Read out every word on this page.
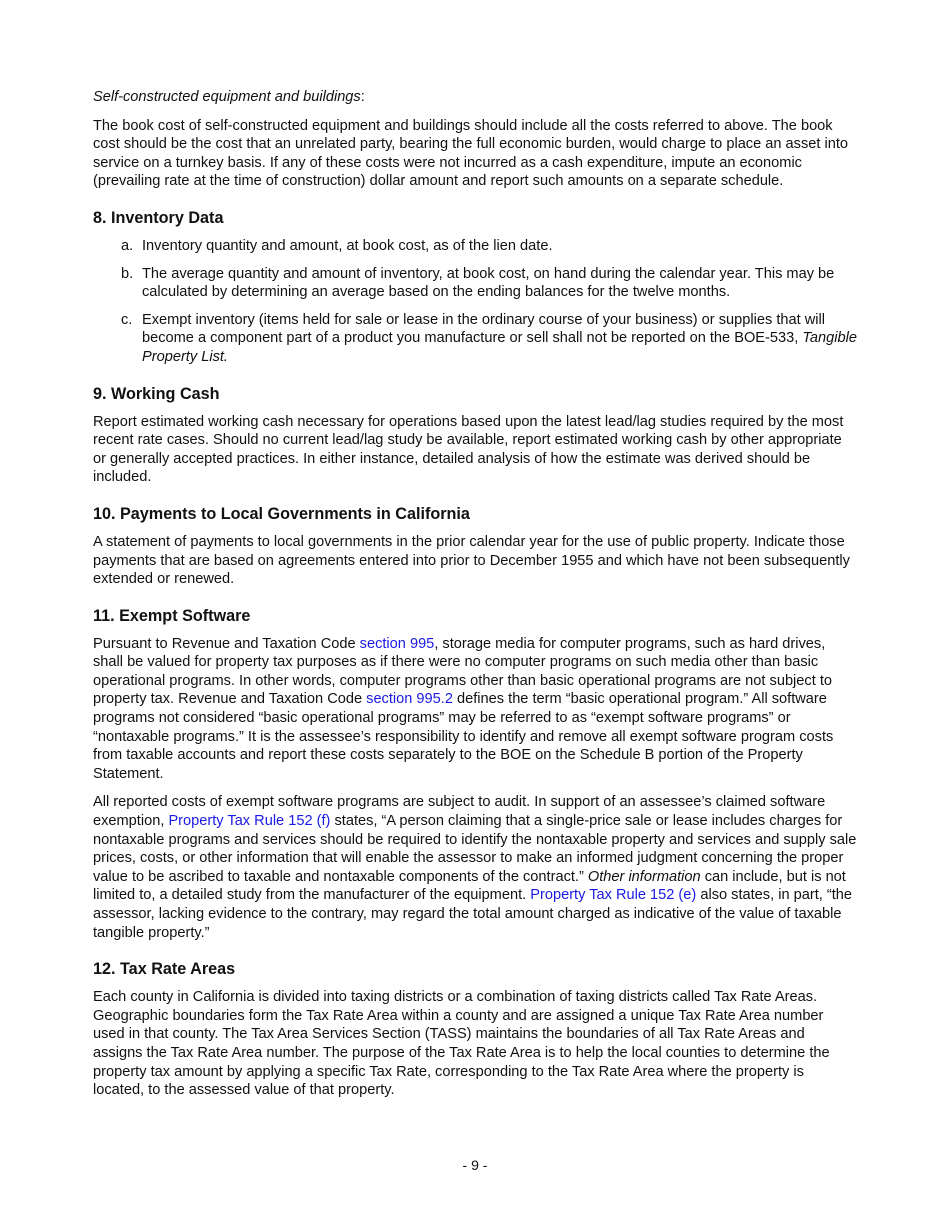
Self-constructed equipment and buildings:

The book cost of self-constructed equipment and buildings should include all the costs referred to above. The book cost should be the cost that an unrelated party, bearing the full economic burden, would charge to place an asset into service on a turnkey basis. If any of these costs were not incurred as a cash expenditure, impute an economic (prevailing rate at the time of construction) dollar amount and report such amounts on a separate schedule.

8. Inventory Data
a. Inventory quantity and amount, at book cost, as of the lien date.
b. The average quantity and amount of inventory, at book cost, on hand during the calendar year. This may be calculated by determining an average based on the ending balances for the twelve months.
c. Exempt inventory (items held for sale or lease in the ordinary course of your business) or supplies that will become a component part of a product you manufacture or sell shall not be reported on the BOE-533, Tangible Property List.
9. Working Cash

Report estimated working cash necessary for operations based upon the latest lead/lag studies required by the most recent rate cases. Should no current lead/lag study be available, report estimated working cash by other appropriate or generally accepted practices. In either instance, detailed analysis of how the estimate was derived should be included.

10. Payments to Local Governments in California

A statement of payments to local governments in the prior calendar year for the use of public property. Indicate those payments that are based on agreements entered into prior to December 1955 and which have not been subsequently extended or renewed.

11. Exempt Software

Pursuant to Revenue and Taxation Code section 995, storage media for computer programs, such as hard drives, shall be valued for property tax purposes as if there were no computer programs on such media other than basic operational programs. In other words, computer programs other than basic operational programs are not subject to property tax. Revenue and Taxation Code section 995.2 defines the term “basic operational program.” All software programs not considered “basic operational programs” may be referred to as “exempt software programs” or “nontaxable programs.” It is the assessee’s responsibility to identify and remove all exempt software program costs from taxable accounts and report these costs separately to the BOE on the Schedule B portion of the Property Statement.

All reported costs of exempt software programs are subject to audit. In support of an assessee’s claimed software exemption, Property Tax Rule 152 (f) states, “A person claiming that a single-price sale or lease includes charges for nontaxable programs and services should be required to identify the nontaxable property and services and supply sale prices, costs, or other information that will enable the assessor to make an informed judgment concerning the proper value to be ascribed to taxable and nontaxable components of the contract.” Other information can include, but is not limited to, a detailed study from the manufacturer of the equipment. Property Tax Rule 152 (e) also states, in part, “the assessor, lacking evidence to the contrary, may regard the total amount charged as indicative of the value of taxable tangible property.”

12. Tax Rate Areas

Each county in California is divided into taxing districts or a combination of taxing districts called Tax Rate Areas. Geographic boundaries form the Tax Rate Area within a county and are assigned a unique Tax Rate Area number used in that county. The Tax Area Services Section (TASS) maintains the boundaries of all Tax Rate Areas and assigns the Tax Rate Area number. The purpose of the Tax Rate Area is to help the local counties to determine the property tax amount by applying a specific Tax Rate, corresponding to the Tax Rate Area where the property is located, to the assessed value of that property.

- 9 -
